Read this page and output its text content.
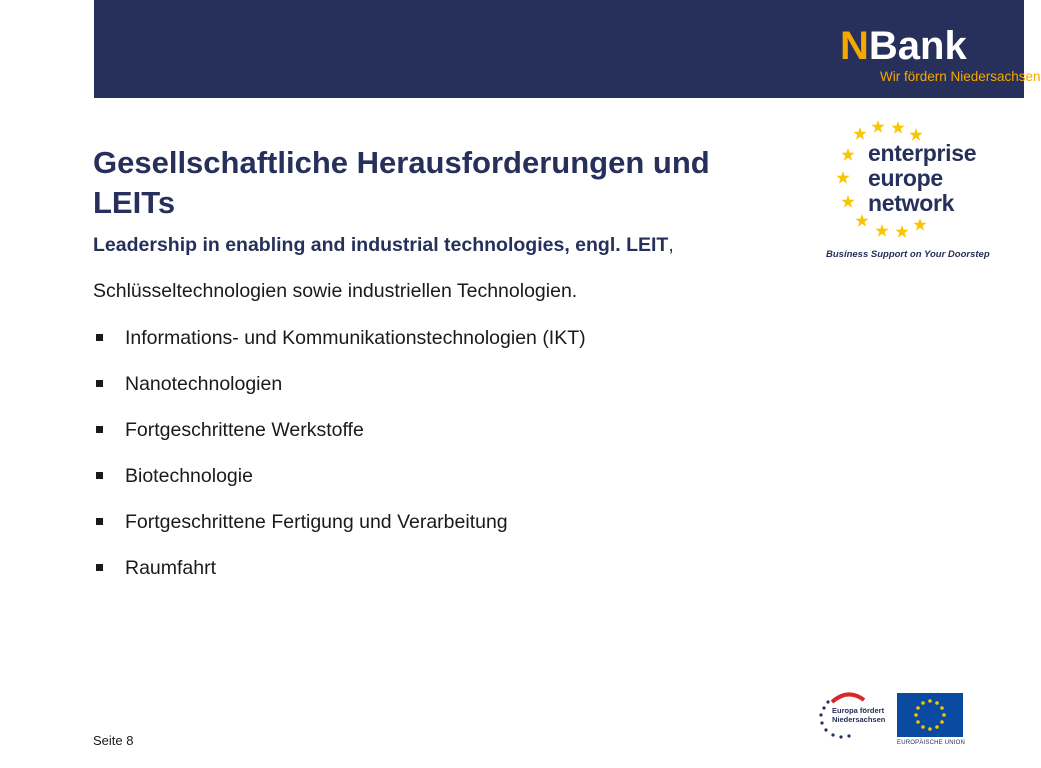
NBank
Wir fördern Niedersachsen
Gesellschaftliche Herausforderungen und LEITs

Leadership in enabling and industrial technologies, engl. LEIT,

Schlüsseltechnologien sowie industriellen Technologien.

Informations- und Kommunikationstechnologien (IKT)
Nanotechnologien
Fortgeschrittene Werkstoffe
Biotechnologie
Fortgeschrittene Fertigung und Verarbeitung
Raumfahrt
enterprise
europe
network
Business Support on Your Doorstep
Europa fördert
Niedersachsen
EUROPÄISCHE UNION
Seite 8
